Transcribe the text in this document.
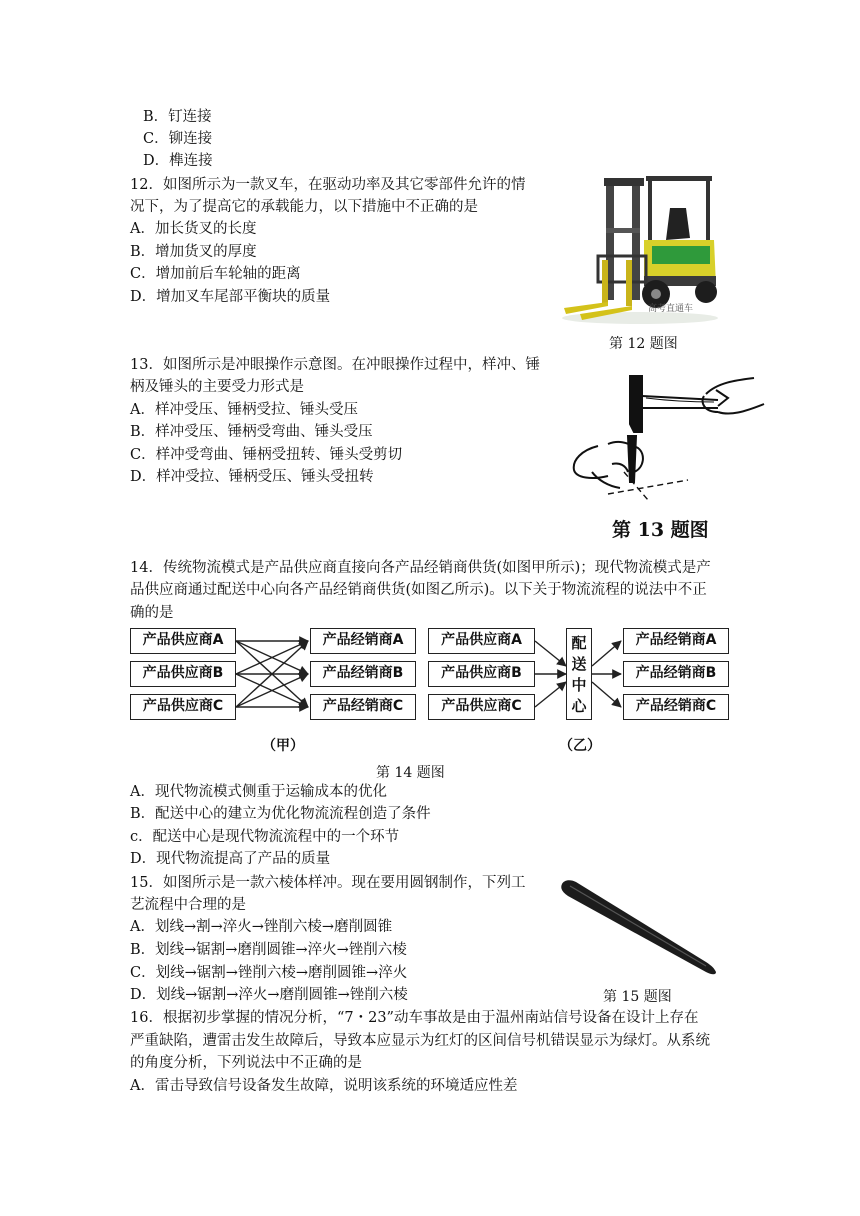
B．钉连接
C．铆连接
D．榫连接
12．如图所示为一款叉车，在驱动功率及其它零部件允许的情
况下，为了提高它的承载能力，以下措施中不正确的是
A．加长货叉的长度
B．增加货叉的厚度
C．增加前后车轮轴的距离
D．增加叉车尾部平衡块的质量
高考直通车
第 12 题图
13．如图所示是冲眼操作示意图。在冲眼操作过程中，样冲、锤
柄及锤头的主要受力形式是
A．样冲受压、锤柄受拉、锤头受压
B．样冲受压、锤柄受弯曲、锤头受压
C．样冲受弯曲、锤柄受扭转、锤头受剪切
D．样冲受拉、锤柄受压、锤头受扭转
第 13 题图
14．传统物流模式是产品供应商直接向各产品经销商供货(如图甲所示)；现代物流模式是产
品供应商通过配送中心向各产品经销商供货(如图乙所示)。以下关于物流流程的说法中不正
确的是
产品供应商A
产品供应商B
产品供应商C
产品经销商A
产品经销商B
产品经销商C
产品供应商A
产品供应商B
产品供应商C
配
送
中
心
产品经销商A
产品经销商B
产品经销商C
（甲）	（乙）
第 14 题图
A．现代物流模式侧重于运输成本的优化
B．配送中心的建立为优化物流流程创造了条件
c．配送中心是现代物流流程中的一个环节
D．现代物流提高了产品的质量
15．如图所示是一款六棱体样冲。现在要用圆钢制作，下列工
艺流程中合理的是
A．划线→割→淬火→锉削六棱→磨削圆锥
B．划线→锯割→磨削圆锥→淬火→锉削六棱
C．划线→锯割→锉削六棱→磨削圆锥→淬火
D．划线→锯割→淬火→磨削圆锥→锉削六棱	第 15 题图
16．根据初步掌握的情况分析，“7・23”动车事故是由于温州南站信号设备在设计上存在
严重缺陷，遭雷击发生故障后，导致本应显示为红灯的区间信号机错误显示为绿灯。从系统
的角度分析，下列说法中不正确的是
A．雷击导致信号设备发生故障，说明该系统的环境适应性差
